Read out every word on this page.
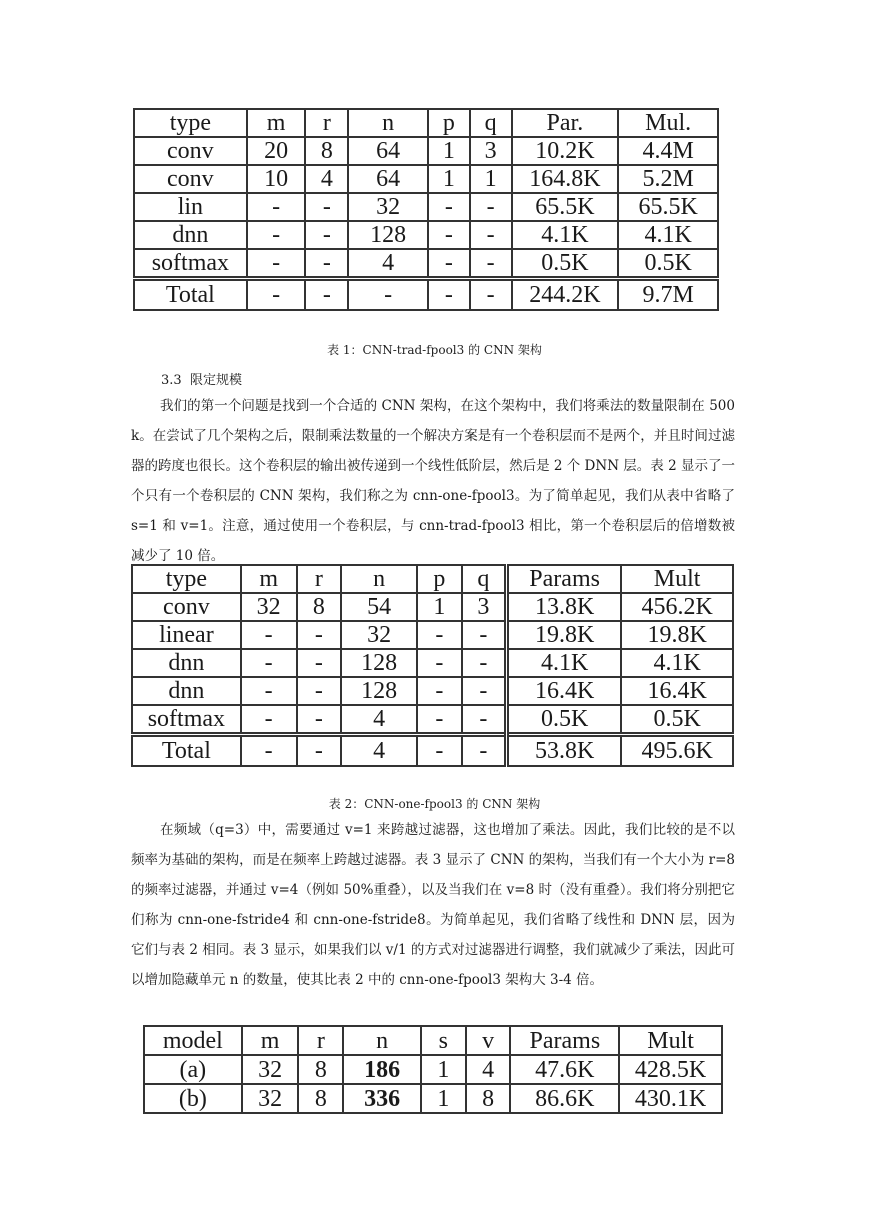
type	m	r	n	p	q	Par.	Mul.
conv	20	8	64	1	3	10.2K	4.4M
conv	10	4	64	1	1	164.8K	5.2M
lin	-	-	32	-	-	65.5K	65.5K
dnn	-	-	128	-	-	4.1K	4.1K
softmax	-	-	4	-	-	0.5K	0.5K
Total	-	-	-	-	-	244.2K	9.7M
表 1：CNN-trad-fpool3 的 CNN 架构
3.3 限定规模

我们的第一个问题是找到一个合适的 CNN 架构，在这个架构中，我们将乘法的数量限制在 500 k。在尝试了几个架构之后，限制乘法数量的一个解决方案是有一个卷积层而不是两个，并且时间过滤器的跨度也很长。这个卷积层的输出被传递到一个线性低阶层，然后是 2 个 DNN 层。表 2 显示了一个只有一个卷积层的 CNN 架构，我们称之为 cnn-one-fpool3。为了简单起见，我们从表中省略了 s=1 和 v=1。注意，通过使用一个卷积层，与 cnn-trad-fpool3 相比，第一个卷积层后的倍增数被减少了 10 倍。

type	m	r	n	p	q	Params	Mult
conv	32	8	54	1	3	13.8K	456.2K
linear	-	-	32	-	-	19.8K	19.8K
dnn	-	-	128	-	-	4.1K	4.1K
dnn	-	-	128	-	-	16.4K	16.4K
softmax	-	-	4	-	-	0.5K	0.5K
Total	-	-	4	-	-	53.8K	495.6K
表 2：CNN-one-fpool3 的 CNN 架构

在频域（q=3）中，需要通过 v=1 来跨越过滤器，这也增加了乘法。因此，我们比较的是不以频率为基础的架构，而是在频率上跨越过滤器。表 3 显示了 CNN 的架构，当我们有一个大小为 r=8 的频率过滤器，并通过 v=4（例如 50%重叠），以及当我们在 v=8 时（没有重叠）。我们将分别把它们称为 cnn-one-fstride4 和 cnn-one-fstride8。为简单起见，我们省略了线性和 DNN 层，因为它们与表 2 相同。表 3 显示，如果我们以 v/1 的方式对过滤器进行调整，我们就减少了乘法，因此可以增加隐藏单元 n 的数量，使其比表 2 中的 cnn-one-fpool3 架构大 3-4 倍。

model	m	r	n	s	v	Params	Mult
(a)	32	8	186	1	4	47.6K	428.5K
(b)	32	8	336	1	8	86.6K	430.1K
